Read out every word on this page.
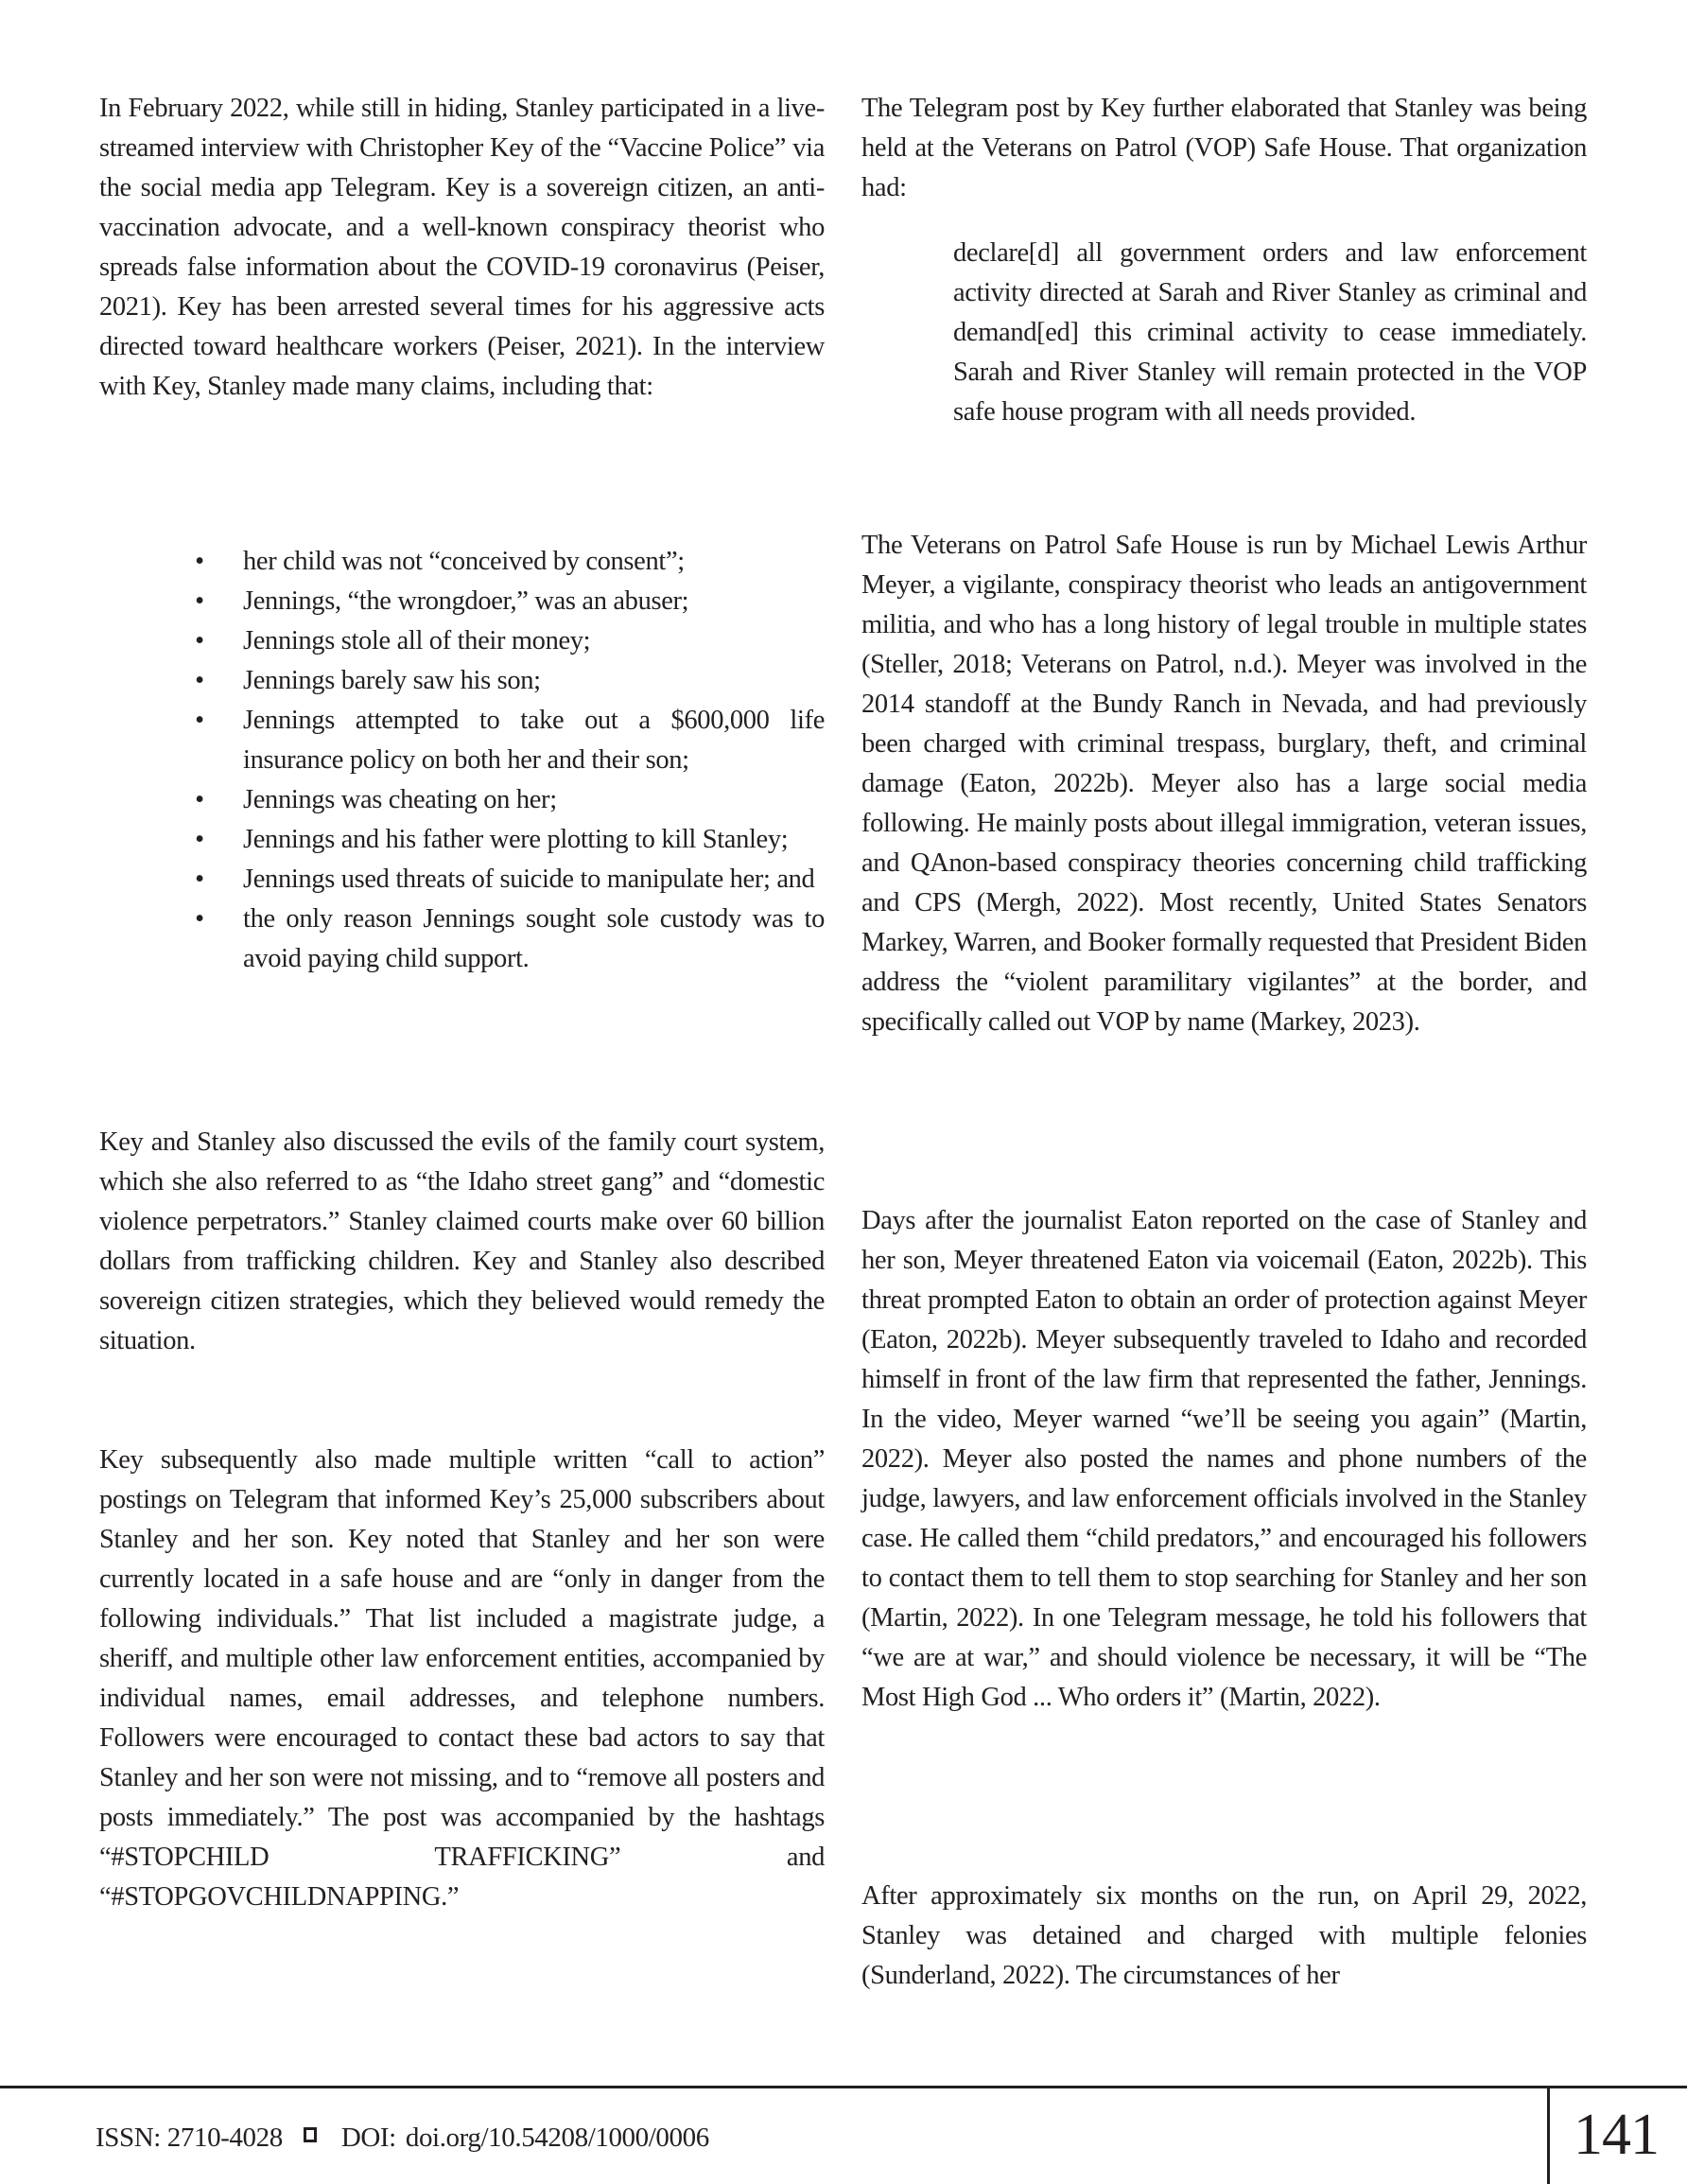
In February 2022, while still in hiding, Stanley participated in a live-streamed interview with Christopher Key of the “Vaccine Police” via the social media app Telegram. Key is a sovereign citizen, an anti-vaccination advocate, and a well-known conspiracy theorist who spreads false information about the COVID-19 coronavirus (Peiser, 2021). Key has been arrested several times for his aggressive acts directed toward healthcare workers (Peiser, 2021). In the interview with Key, Stanley made many claims, including that:

• her child was not “conceived by consent”;
• Jennings, “the wrongdoer,” was an abuser;
• Jennings stole all of their money;
• Jennings barely saw his son;
• Jennings attempted to take out a $600,000 life insurance policy on both her and their son;
• Jennings was cheating on her;
• Jennings and his father were plotting to kill Stanley;
• Jennings used threats of suicide to manipulate her; and
• the only reason Jennings sought sole custody was to avoid paying child support.

Key and Stanley also discussed the evils of the family court system, which she also referred to as “the Idaho street gang” and “domestic violence perpetrators.” Stanley claimed courts make over 60 billion dollars from trafficking children. Key and Stanley also described sovereign citizen strategies, which they believed would remedy the situation.

Key subsequently also made multiple written “call to action” postings on Telegram that informed Key’s 25,000 subscribers about Stanley and her son. Key noted that Stanley and her son were currently located in a safe house and are “only in danger from the following individuals.” That list included a magistrate judge, a sheriff, and multiple other law enforcement entities, accompanied by individual names, email addresses, and telephone numbers. Followers were encouraged to contact these bad actors to say that Stanley and her son were not missing, and to “remove all posters and posts immediately.” The post was accompanied by the hashtags “#STOPCHILD TRAFFICKING” and “#STOPGOVCHILDNAPPING.”

The Telegram post by Key further elaborated that Stanley was being held at the Veterans on Patrol (VOP) Safe House. That organization had:

declare[d] all government orders and law enforcement activity directed at Sarah and River Stanley as criminal and demand[ed] this criminal activity to cease immediately. Sarah and River Stanley will remain protected in the VOP safe house program with all needs provided.

The Veterans on Patrol Safe House is run by Michael Lewis Arthur Meyer, a vigilante, conspiracy theorist who leads an antigovernment militia, and who has a long history of legal trouble in multiple states (Steller, 2018; Veterans on Patrol, n.d.). Meyer was involved in the 2014 standoff at the Bundy Ranch in Nevada, and had previously been charged with criminal trespass, burglary, theft, and criminal damage (Eaton, 2022b). Meyer also has a large social media following. He mainly posts about illegal immigration, veteran issues, and QAnon-based conspiracy theories concerning child trafficking and CPS (Mergh, 2022). Most recently, United States Senators Markey, Warren, and Booker formally requested that President Biden address the “violent paramilitary vigilantes” at the border, and specifically called out VOP by name (Markey, 2023).

Days after the journalist Eaton reported on the case of Stanley and her son, Meyer threatened Eaton via voicemail (Eaton, 2022b). This threat prompted Eaton to obtain an order of protection against Meyer (Eaton, 2022b). Meyer subsequently traveled to Idaho and recorded himself in front of the law firm that represented the father, Jennings. In the video, Meyer warned “we’ll be seeing you again” (Martin, 2022). Meyer also posted the names and phone numbers of the judge, lawyers, and law enforcement officials involved in the Stanley case. He called them “child predators,” and encouraged his followers to contact them to tell them to stop searching for Stanley and her son (Martin, 2022). In one Telegram message, he told his followers that “we are at war,” and should violence be necessary, it will be “The Most High God ... Who orders it” (Martin, 2022).

After approximately six months on the run, on April 29, 2022, Stanley was detained and charged with multiple felonies (Sunderland, 2022). The circumstances of her

ISSN: 2710-4028 DOI: doi.org/10.54208/1000/0006	141
